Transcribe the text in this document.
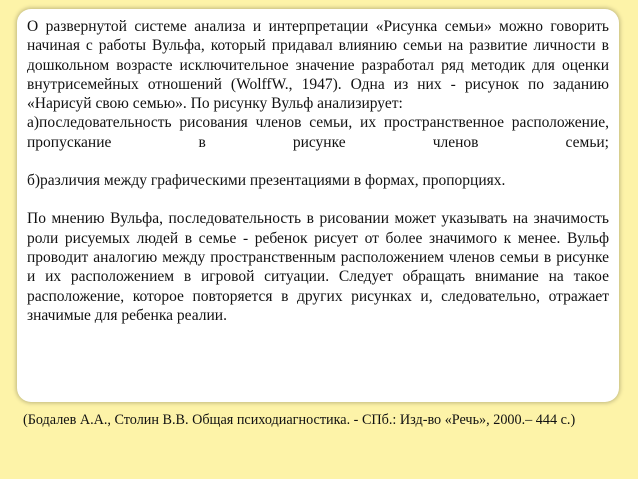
О развернутой системе анализа и интерпретации «Рисунка семьи» можно говорить начиная с работы Вульфа, который придавал влиянию семьи на развитие личности в дошкольном возрасте исключительное значение разработал ряд методик для оценки внутрисемейных отношений (WolffW., 1947). Одна из них - рисунок по заданию «Нарисуй свою семью». По рисунку Вульф анализирует:

а)последовательность рисования членов семьи, их пространственное расположение, пропускание в рисунке членов семьи;

б)различия между графическими презентациями в формах, пропорциях.

По мнению Вульфа, последовательность в рисовании может указывать на значимость роли рисуемых людей в семье - ребенок рисует от более значимого к менее. Вульф проводит аналогию между пространственным расположением членов семьи в рисунке и их расположением в игровой ситуации. Следует обращать внимание на такое расположение, которое повторяется в других рисунках и, следовательно, отражает значимые для ребенка реалии.

(Бодалев А.А., Столин В.В. Общая психодиагностика. - СПб.: Изд-во «Речь», 2000.– 444 с.)
